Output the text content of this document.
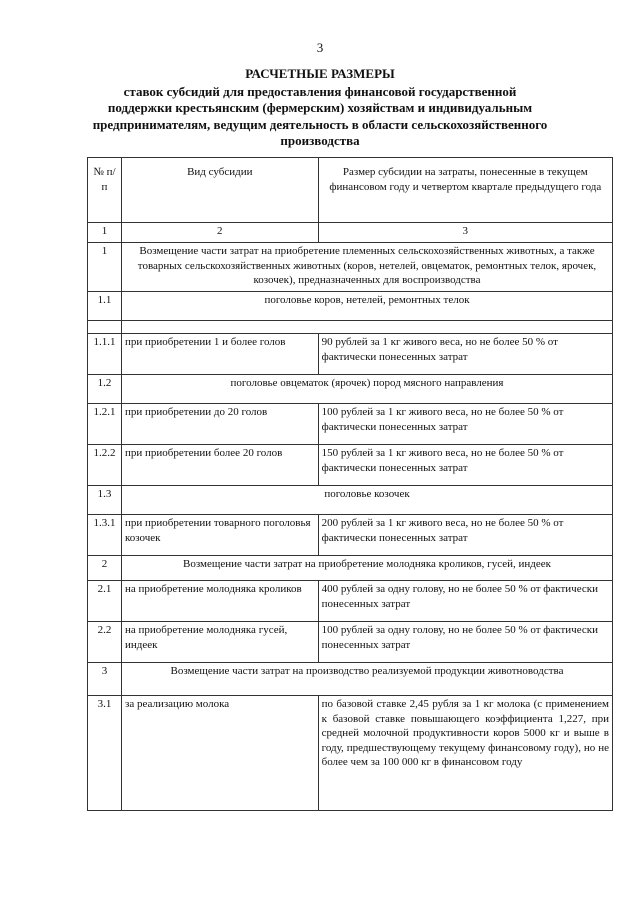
3
РАСЧЕТНЫЕ РАЗМЕРЫ
ставок субсидий для предоставления финансовой государственной поддержки крестьянским (фермерским) хозяйствам и индивидуальным предпринимателям, ведущим деятельность в области сельскохозяйственного производства
№ п/п	Вид субсидии	Размер субсидии на затраты, понесенные в текущем финансовом году и четвертом квартале предыдущего года
1	2	3
1	Возмещение части затрат на приобретение племенных сельскохозяйственных животных, а также товарных сельскохозяйственных животных (коров, нетелей, овцематок, ремонтных телок, ярочек, козочек), предназначенных для воспроизводства	
1.1	поголовье коров, нетелей, ремонтных телок	

1.1.1	при приобретении 1 и более голов	90 рублей за 1 кг живого веса, но не более 50 % от фактически понесенных затрат
1.2	поголовье овцематок (ярочек) пород мясного направления	
1.2.1	при приобретении до 20 голов	100 рублей за 1 кг живого веса, но не более 50 % от фактически понесенных затрат
1.2.2	при приобретении более 20 голов	150 рублей за 1 кг живого веса, но не более 50 % от фактически понесенных затрат
1.3	поголовье козочек	
1.3.1	при приобретении товарного поголовья козочек	200 рублей за 1 кг живого веса, но не более 50 % от фактически понесенных затрат
2	Возмещение части затрат на приобретение молодняка кроликов, гусей, индеек	
2.1	на приобретение молодняка кроликов	400 рублей за одну голову, но не более 50 % от фактически понесенных затрат
2.2	на приобретение молодняка гусей, индеек	100 рублей за одну голову, но не более 50 % от фактически понесенных затрат
3	Возмещение части затрат на производство реализуемой продукции животноводства	
3.1	за реализацию молока	по базовой ставке 2,45 рубля за 1 кг молока (с применением к базовой ставке повышающего коэффициента 1,227, при средней молочной продуктивности коров 5000 кг и выше в году, предшествующему текущему финансовому году), но не более чем за 100 000 кг в финансовом году
